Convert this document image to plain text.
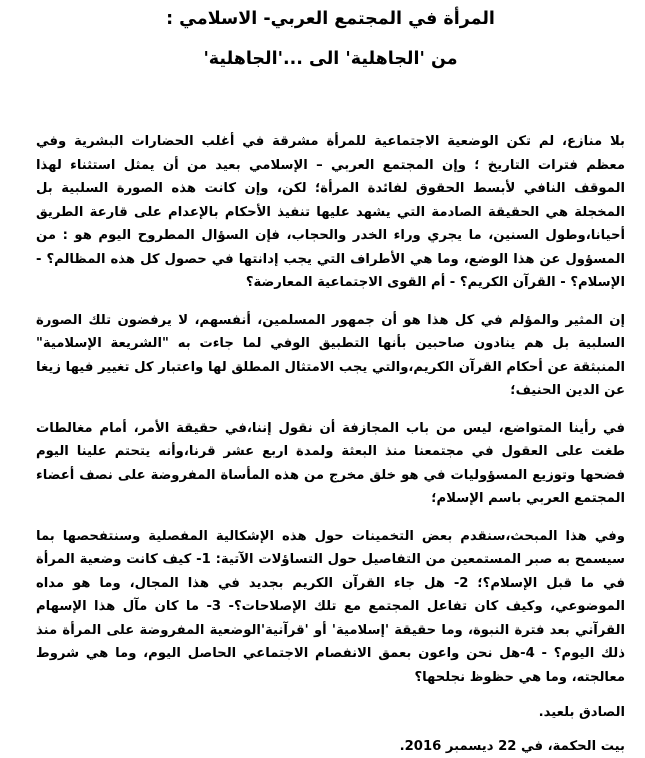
المرأة في المجتمع العربي- الاسلامي :
من 'الجاهلية' الى ...'الجاهلية'

بلا منازع، لم تكن الوضعية الاجتماعية للمرأة مشرقة في أغلب الحضارات البشرية وفي معظم فترات التاريخ ؛ وإن المجتمع العربي – الإسلامي بعيد من أن يمثل استثناء لهذا الموقف النافي لأبسط الحقوق لفائدة المرأة؛ لكن، وإن كانت هذه الصورة السلبية بل المخجلة هي الحقيقة الصادمة التي يشهد عليها تنفيذ الأحكام بالإعدام على قارعة الطريق أحيانا،وطول السنين، ما يجري وراء الخدر والحجاب، فإن السؤال المطروح اليوم هو : من المسؤول عن هذا الوضع، وما هي الأطراف التي يجب إدانتها في حصول كل هذه المظالم؟ - الإسلام؟ - القرآن الكريم؟ - أم القوى الاجتماعية المعارضة؟

إن المثير والمؤلم في كل هذا هو أن جمهور المسلمين، أنفسهم، لا يرفضون تلك الصورة السلبية بل هم ينادون صاحبين بأنها التطبيق الوفي لما جاءت به "الشريعة الإسلامية" المنبثقة عن أحكام القرآن الكريم،والتي يجب الامتثال المطلق لها واعتبار كل تغيير فيها زيغا عن الدين الحنيف؛

في رأينا المتواضع، ليس من باب المجازفة أن نقول إننا،في حقيقة الأمر، أمام مغالطات طغت على العقول في مجتمعنا منذ البعثة ولمدة اربع عشر قرنا،وأنه يتحتم علينا اليوم فضحها وتوزيع المسؤوليات في هو خلق مخرج من هذه المأساة المفروضة على نصف أعضاء المجتمع العربي باسم الإسلام؛

وفي هذا المبحث،سنقدم بعض التخمينات حول هذه الإشكالية المفصلية وسنتفحصها بما سيسمح به صبر المستمعين من التفاصيل حول التساؤلات الآتية: 1- كيف كانت وضعية المرأة في ما قبل الإسلام؟؛ 2- هل جاء القرآن الكريم بجديد في هذا المجال، وما هو مداه الموضوعي، وكيف كان تفاعل المجتمع مع تلك الإصلاحات؟- 3- ما كان مآل هذا الإسهام القرآني بعد فترة النبوة، وما حقيقة 'إسلامية' أو 'قرآنية'الوضعية المفروضة على المرأة منذ ذلك اليوم؟ - 4-هل نحن واعون بعمق الانفصام الاجتماعي الحاصل اليوم، وما هي شروط معالجته، وما هي حظوظ نجلحها؟

الصادق بلعيد.

بيت الحكمة، في 22 ديسمبر 2016.
